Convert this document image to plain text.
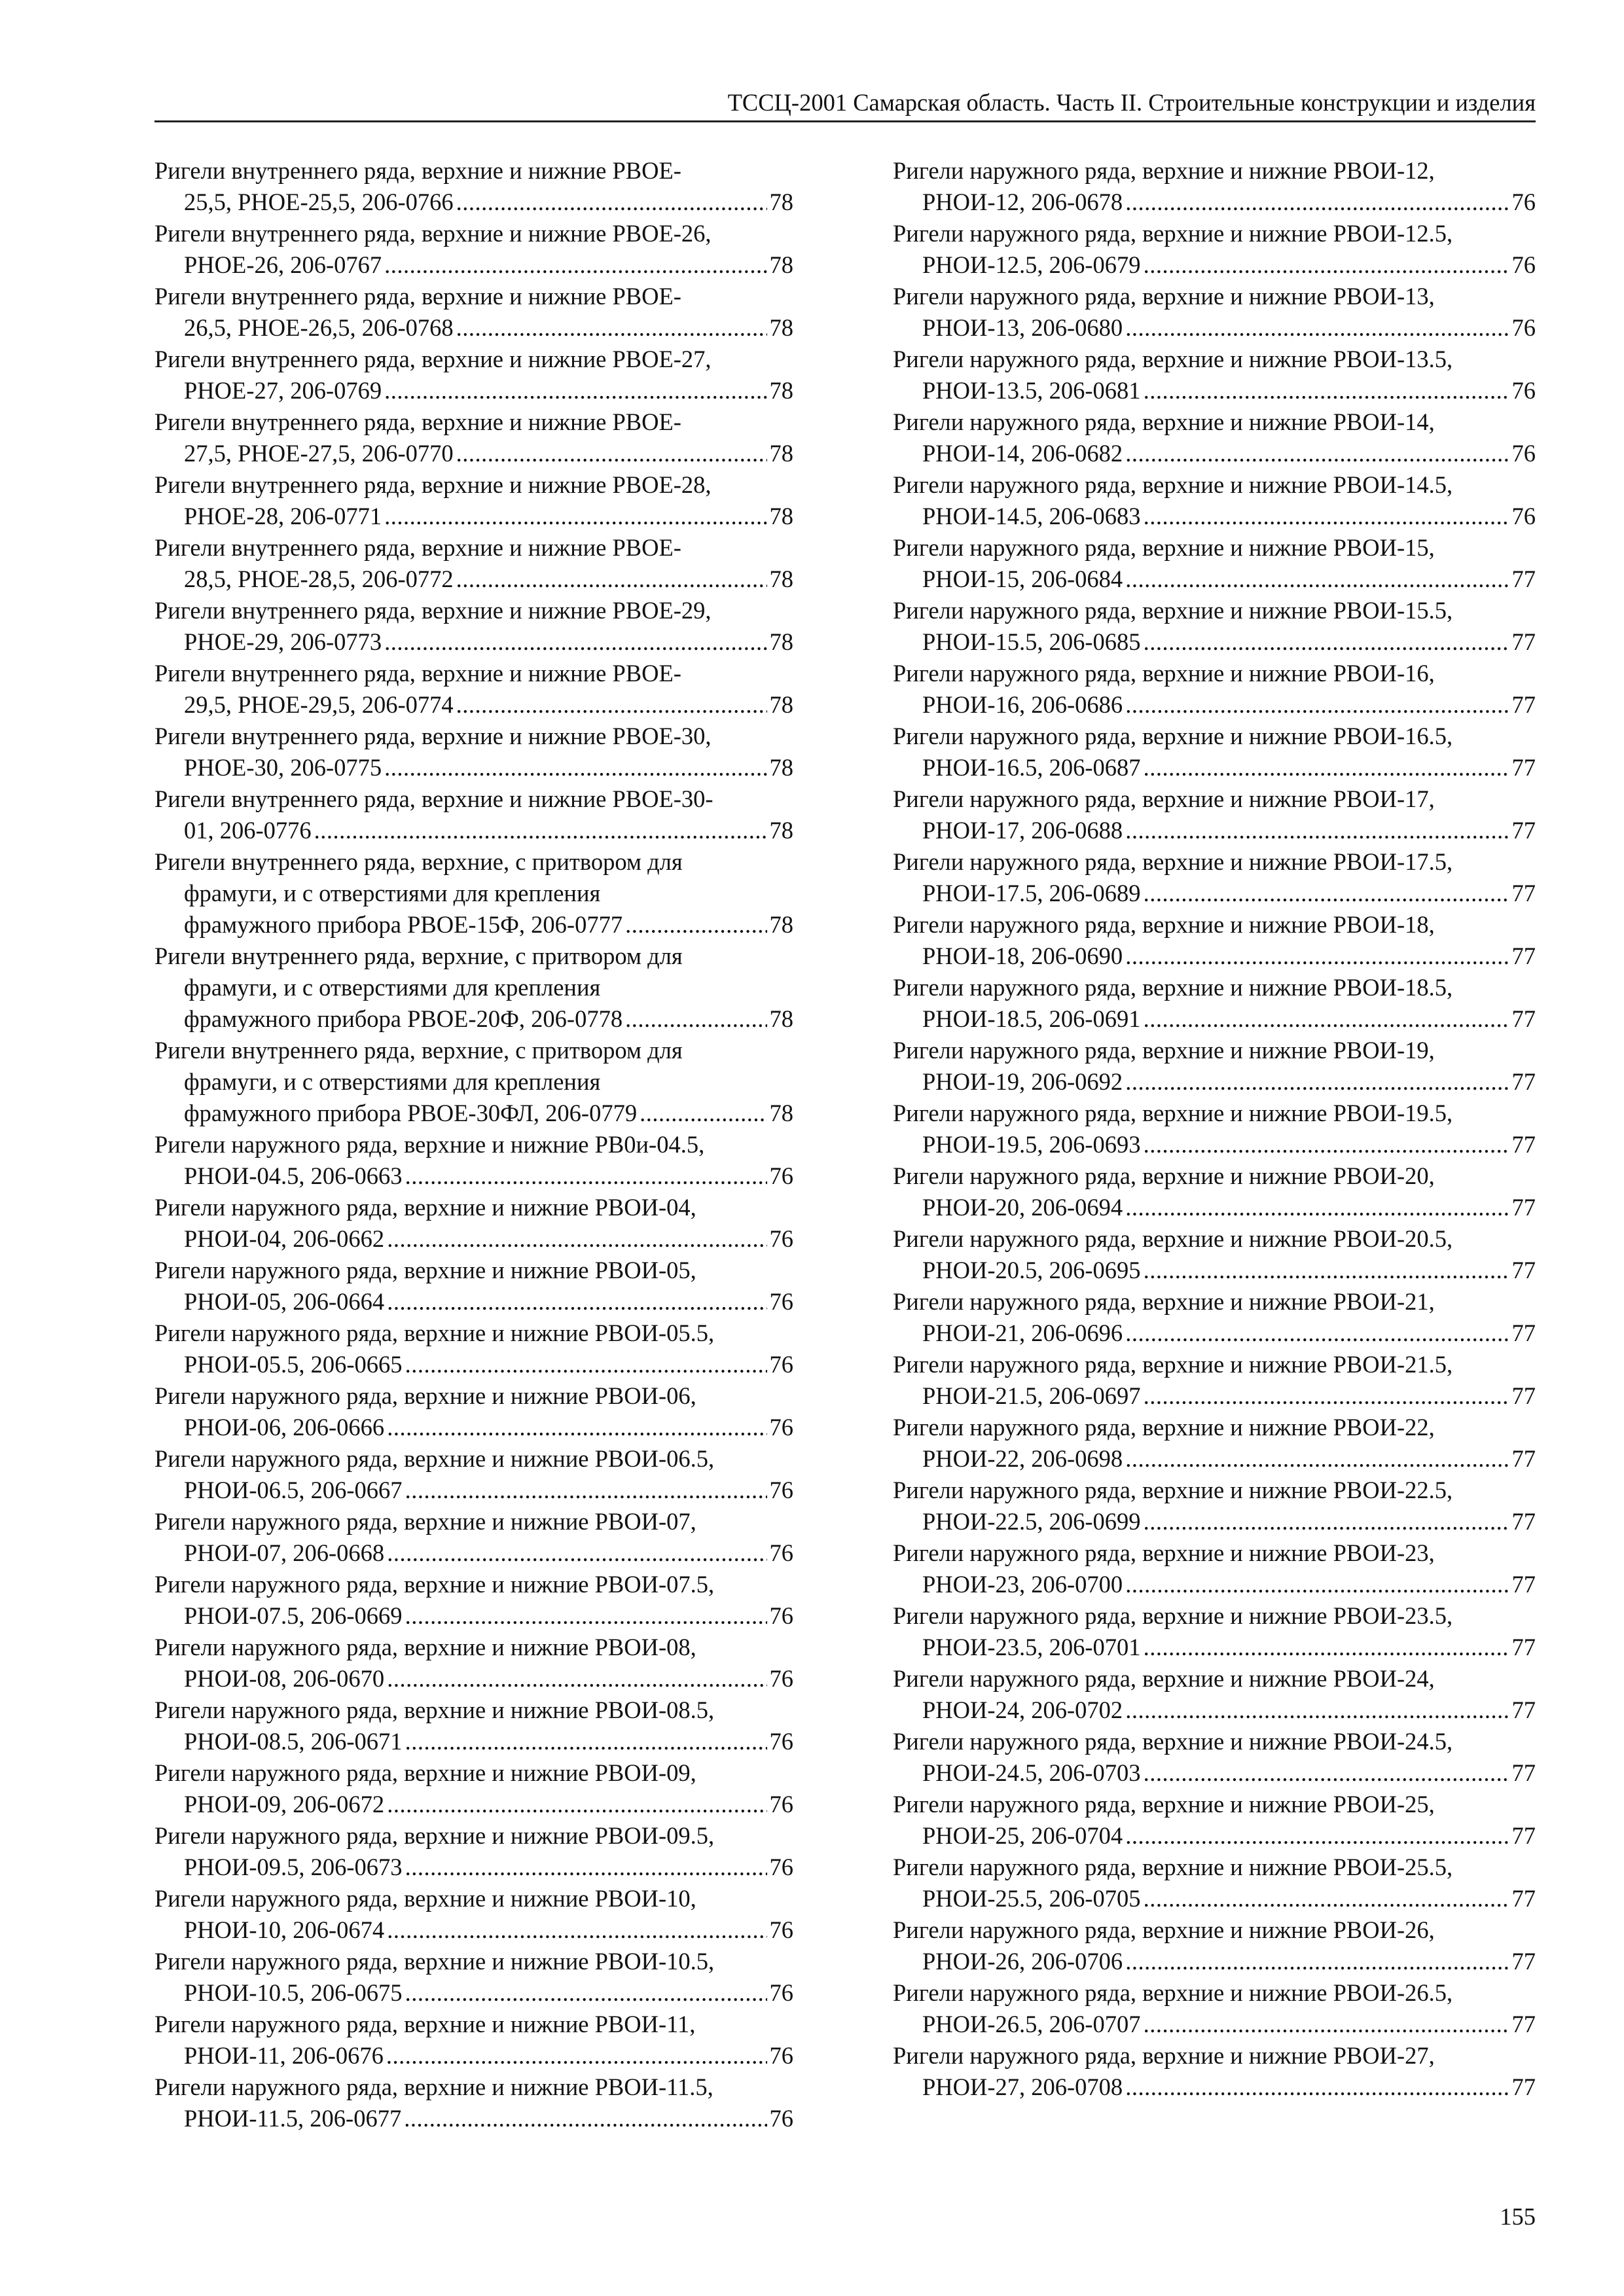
ТССЦ-2001 Самарская область. Часть II. Строительные конструкции и изделия
Ригели внутреннего ряда, верхние и нижние РВОЕ-
25,5, РНОЕ-25,5, 206-0766 .....	78
Ригели внутреннего ряда, верхние и нижние РВОЕ-26,
РНОЕ-26, 206-0767 .....	78
Ригели внутреннего ряда, верхние и нижние РВОЕ-
26,5, РНОЕ-26,5, 206-0768 .....	78
Ригели внутреннего ряда, верхние и нижние РВОЕ-27,
РНОЕ-27, 206-0769 .....	78
Ригели внутреннего ряда, верхние и нижние РВОЕ-
27,5, РНОЕ-27,5, 206-0770 .....	78
Ригели внутреннего ряда, верхние и нижние РВОЕ-28,
РНОЕ-28, 206-0771 .....	78
Ригели внутреннего ряда, верхние и нижние РВОЕ-
28,5, РНОЕ-28,5, 206-0772 .....	78
Ригели внутреннего ряда, верхние и нижние РВОЕ-29,
РНОЕ-29, 206-0773 .....	78
Ригели внутреннего ряда, верхние и нижние РВОЕ-
29,5, РНОЕ-29,5, 206-0774 .....	78
Ригели внутреннего ряда, верхние и нижние РВОЕ-30,
РНОЕ-30, 206-0775 .....	78
Ригели внутреннего ряда, верхние и нижние РВОЕ-30-
01, 206-0776 .....	78
Ригели внутреннего ряда, верхние, с притвором для
фрамуги, и с отверстиями для крепления
фрамужного прибора РВОЕ-15Ф, 206-0777 .....	78
Ригели внутреннего ряда, верхние, с притвором для
фрамуги, и с отверстиями для крепления
фрамужного прибора РВОЕ-20Ф, 206-0778 .....	78
Ригели внутреннего ряда, верхние, с притвором для
фрамуги, и с отверстиями для крепления
фрамужного прибора РВОЕ-30ФЛ, 206-0779 .....	78
Ригели наружного ряда, верхние и нижние РВ0и-04.5,
РНОИ-04.5, 206-0663 .....	76
Ригели наружного ряда, верхние и нижние РВОИ-04,
РНОИ-04, 206-0662 .....	76
Ригели наружного ряда, верхние и нижние РВОИ-05,
РНОИ-05, 206-0664 .....	76
Ригели наружного ряда, верхние и нижние РВОИ-05.5,
РНОИ-05.5, 206-0665 .....	76
Ригели наружного ряда, верхние и нижние РВОИ-06,
РНОИ-06, 206-0666 .....	76
Ригели наружного ряда, верхние и нижние РВОИ-06.5,
РНОИ-06.5, 206-0667 .....	76
Ригели наружного ряда, верхние и нижние РВОИ-07,
РНОИ-07, 206-0668 .....	76
Ригели наружного ряда, верхние и нижние РВОИ-07.5,
РНОИ-07.5, 206-0669 .....	76
Ригели наружного ряда, верхние и нижние РВОИ-08,
РНОИ-08, 206-0670 .....	76
Ригели наружного ряда, верхние и нижние РВОИ-08.5,
РНОИ-08.5, 206-0671 .....	76
Ригели наружного ряда, верхние и нижние РВОИ-09,
РНОИ-09, 206-0672 .....	76
Ригели наружного ряда, верхние и нижние РВОИ-09.5,
РНОИ-09.5, 206-0673 .....	76
Ригели наружного ряда, верхние и нижние РВОИ-10,
РНОИ-10, 206-0674 .....	76
Ригели наружного ряда, верхние и нижние РВОИ-10.5,
РНОИ-10.5, 206-0675 .....	76
Ригели наружного ряда, верхние и нижние РВОИ-11,
РНОИ-11, 206-0676 .....	76
Ригели наружного ряда, верхние и нижние РВОИ-11.5,
РНОИ-11.5, 206-0677 .....	76
Ригели наружного ряда, верхние и нижние РВОИ-12,
РНОИ-12, 206-0678 .....	76
Ригели наружного ряда, верхние и нижние РВОИ-12.5,
РНОИ-12.5, 206-0679 .....	76
Ригели наружного ряда, верхние и нижние РВОИ-13,
РНОИ-13, 206-0680 .....	76
Ригели наружного ряда, верхние и нижние РВОИ-13.5,
РНОИ-13.5, 206-0681 .....	76
Ригели наружного ряда, верхние и нижние РВОИ-14,
РНОИ-14, 206-0682 .....	76
Ригели наружного ряда, верхние и нижние РВОИ-14.5,
РНОИ-14.5, 206-0683 .....	76
Ригели наружного ряда, верхние и нижние РВОИ-15,
РНОИ-15, 206-0684 .....	77
Ригели наружного ряда, верхние и нижние РВОИ-15.5,
РНОИ-15.5, 206-0685 .....	77
Ригели наружного ряда, верхние и нижние РВОИ-16,
РНОИ-16, 206-0686 .....	77
Ригели наружного ряда, верхние и нижние РВОИ-16.5,
РНОИ-16.5, 206-0687 .....	77
Ригели наружного ряда, верхние и нижние РВОИ-17,
РНОИ-17, 206-0688 .....	77
Ригели наружного ряда, верхние и нижние РВОИ-17.5,
РНОИ-17.5, 206-0689 .....	77
Ригели наружного ряда, верхние и нижние РВОИ-18,
РНОИ-18, 206-0690 .....	77
Ригели наружного ряда, верхние и нижние РВОИ-18.5,
РНОИ-18.5, 206-0691 .....	77
Ригели наружного ряда, верхние и нижние РВОИ-19,
РНОИ-19, 206-0692 .....	77
Ригели наружного ряда, верхние и нижние РВОИ-19.5,
РНОИ-19.5, 206-0693 .....	77
Ригели наружного ряда, верхние и нижние РВОИ-20,
РНОИ-20, 206-0694 .....	77
Ригели наружного ряда, верхние и нижние РВОИ-20.5,
РНОИ-20.5, 206-0695 .....	77
Ригели наружного ряда, верхние и нижние РВОИ-21,
РНОИ-21, 206-0696 .....	77
Ригели наружного ряда, верхние и нижние РВОИ-21.5,
РНОИ-21.5, 206-0697 .....	77
Ригели наружного ряда, верхние и нижние РВОИ-22,
РНОИ-22, 206-0698 .....	77
Ригели наружного ряда, верхние и нижние РВОИ-22.5,
РНОИ-22.5, 206-0699 .....	77
Ригели наружного ряда, верхние и нижние РВОИ-23,
РНОИ-23, 206-0700 .....	77
Ригели наружного ряда, верхние и нижние РВОИ-23.5,
РНОИ-23.5, 206-0701 .....	77
Ригели наружного ряда, верхние и нижние РВОИ-24,
РНОИ-24, 206-0702 .....	77
Ригели наружного ряда, верхние и нижние РВОИ-24.5,
РНОИ-24.5, 206-0703 .....	77
Ригели наружного ряда, верхние и нижние РВОИ-25,
РНОИ-25, 206-0704 .....	77
Ригели наружного ряда, верхние и нижние РВОИ-25.5,
РНОИ-25.5, 206-0705 .....	77
Ригели наружного ряда, верхние и нижние РВОИ-26,
РНОИ-26, 206-0706 .....	77
Ригели наружного ряда, верхние и нижние РВОИ-26.5,
РНОИ-26.5, 206-0707 .....	77
Ригели наружного ряда, верхние и нижние РВОИ-27,
РНОИ-27, 206-0708 .....	77
155
